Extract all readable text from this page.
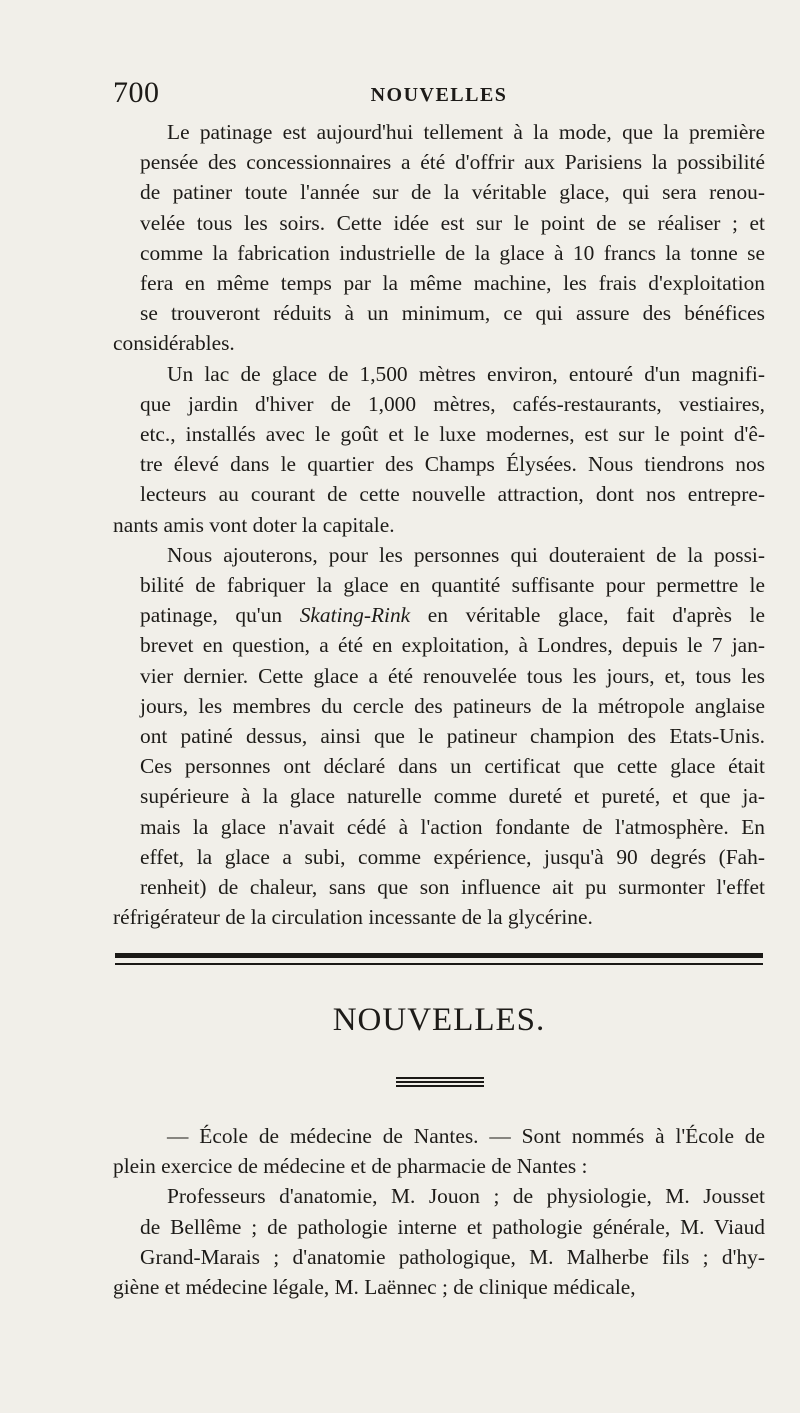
700	NOUVELLES

Le patinage est aujourd'hui tellement à la mode, que la premièrepensée des concessionnaires a été d'offrir aux Parisiens la possibilitéde patiner toute l'année sur de la véritable glace, qui sera renou-velée tous les soirs. Cette idée est sur le point de se réaliser ; etcomme la fabrication industrielle de la glace à 10 francs la tonne sefera en même temps par la même machine, les frais d'exploitationse trouveront réduits à un minimum, ce qui assure des bénéficesconsidérables.

Un lac de glace de 1,500 mètres environ, entouré d'un magnifi-que jardin d'hiver de 1,000 mètres, cafés-restaurants, vestiaires,etc., installés avec le goût et le luxe modernes, est sur le point d'ê-tre élevé dans le quartier des Champs Élysées. Nous tiendrons noslecteurs au courant de cette nouvelle attraction, dont nos entrepre-nants amis vont doter la capitale.

Nous ajouterons, pour les personnes qui douteraient de la possi-bilité de fabriquer la glace en quantité suffisante pour permettre lepatinage, qu'un Skating-Rink en véritable glace, fait d'après lebrevet en question, a été en exploitation, à Londres, depuis le 7 jan-vier dernier. Cette glace a été renouvelée tous les jours, et, tous lesjours, les membres du cercle des patineurs de la métropole anglaiseont patiné dessus, ainsi que le patineur champion des Etats-Unis.Ces personnes ont déclaré dans un certificat que cette glace étaitsupérieure à la glace naturelle comme dureté et pureté, et que ja-mais la glace n'avait cédé à l'action fondante de l'atmosphère. Eneffet, la glace a subi, comme expérience, jusqu'à 90 degrés (Fah-renheit) de chaleur, sans que son influence ait pu surmonter l'effetréfrigérateur de la circulation incessante de la glycérine.

NOUVELLES.

— École de médecine de Nantes. — Sont nommés à l'École deplein exercice de médecine et de pharmacie de Nantes :

Professeurs d'anatomie, M. Jouon ; de physiologie, M. Joussetde Bellême ; de pathologie interne et pathologie générale, M. ViaudGrand-Marais ; d'anatomie pathologique, M. Malherbe fils ; d'hy-giène et médecine légale, M. Laënnec ; de clinique médicale,
